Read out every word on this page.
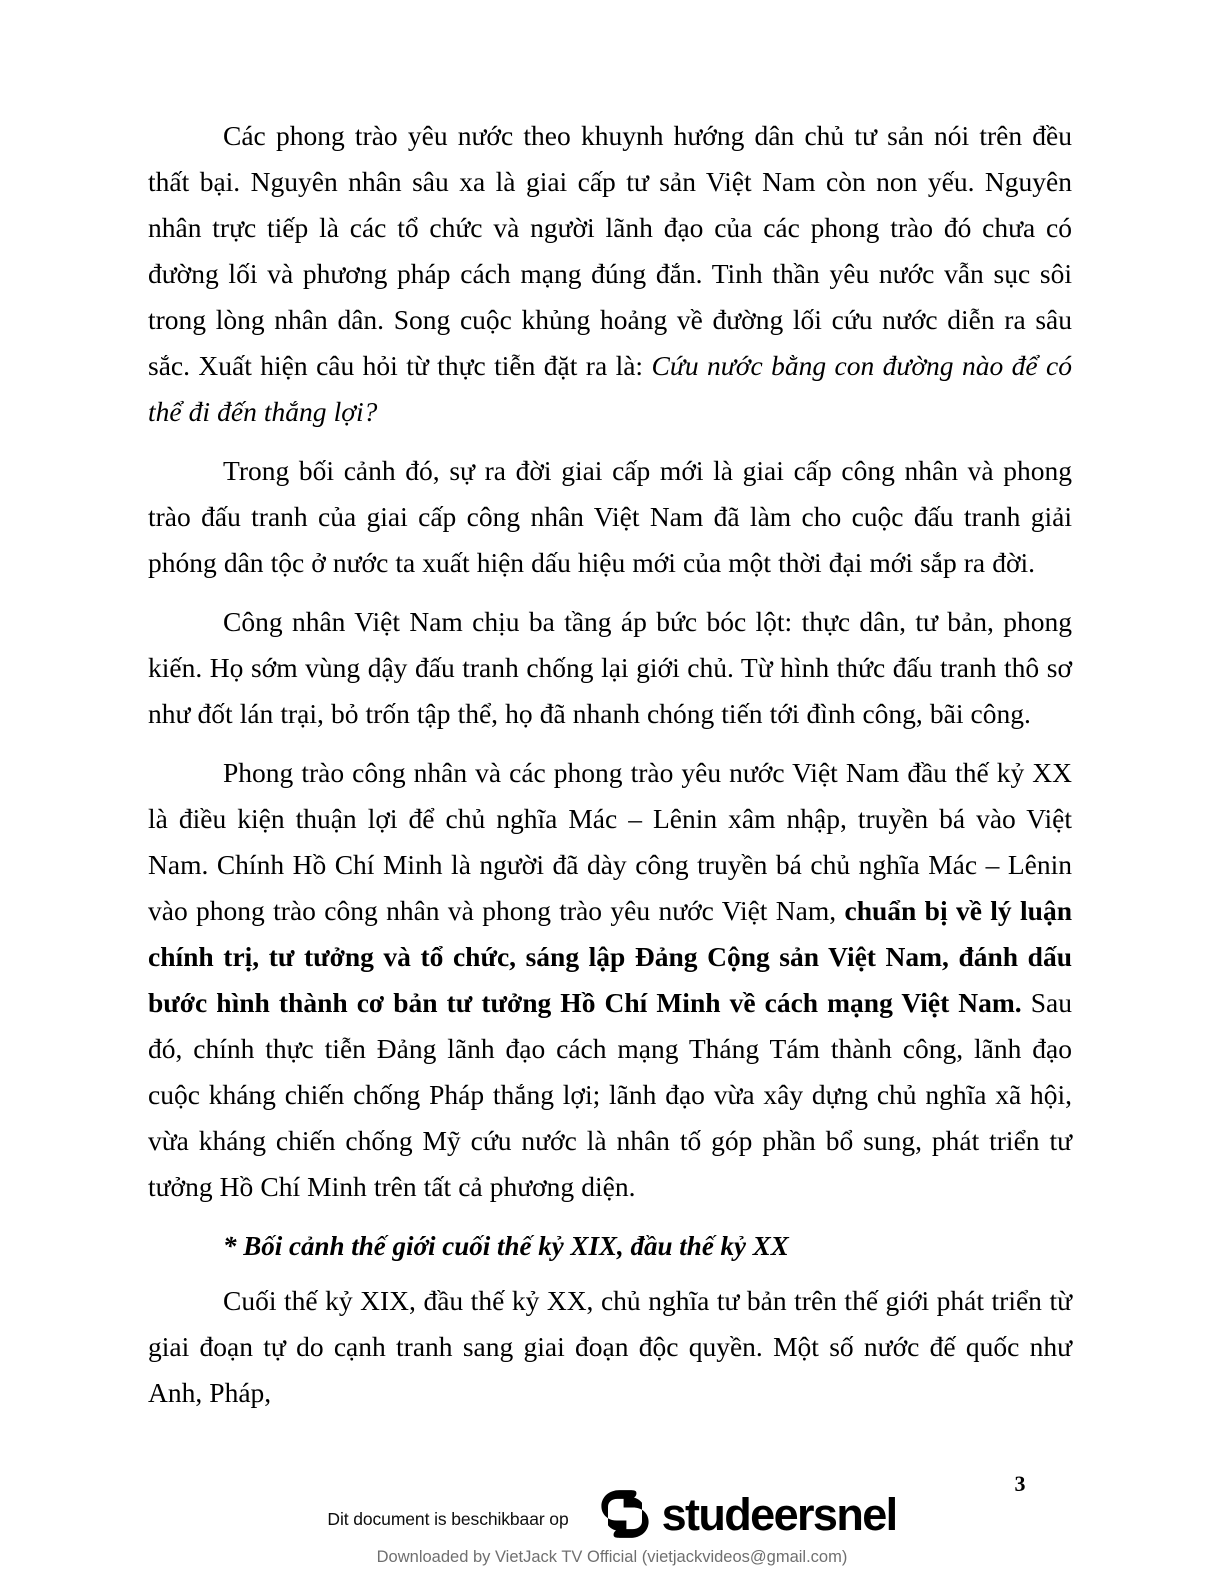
Các phong trào yêu nước theo khuynh hướng dân chủ tư sản nói trên đều thất bại. Nguyên nhân sâu xa là giai cấp tư sản Việt Nam còn non yếu. Nguyên nhân trực tiếp là các tổ chức và người lãnh đạo của các phong trào đó chưa có đường lối và phương pháp cách mạng đúng đắn. Tinh thần yêu nước vẫn sục sôi trong lòng nhân dân. Song cuộc khủng hoảng về đường lối cứu nước diễn ra sâu sắc. Xuất hiện câu hỏi từ thực tiễn đặt ra là: Cứu nước bằng con đường nào để có thể đi đến thắng lợi?

Trong bối cảnh đó, sự ra đời giai cấp mới là giai cấp công nhân và phong trào đấu tranh của giai cấp công nhân Việt Nam đã làm cho cuộc đấu tranh giải phóng dân tộc ở nước ta xuất hiện dấu hiệu mới của một thời đại mới sắp ra đời.

Công nhân Việt Nam chịu ba tầng áp bức bóc lột: thực dân, tư bản, phong kiến. Họ sớm vùng dậy đấu tranh chống lại giới chủ. Từ hình thức đấu tranh thô sơ như đốt lán trại, bỏ trốn tập thể, họ đã nhanh chóng tiến tới đình công, bãi công.

Phong trào công nhân và các phong trào yêu nước Việt Nam đầu thế kỷ XX là điều kiện thuận lợi để chủ nghĩa Mác – Lênin xâm nhập, truyền bá vào Việt Nam. Chính Hồ Chí Minh là người đã dày công truyền bá chủ nghĩa Mác – Lênin vào phong trào công nhân và phong trào yêu nước Việt Nam, chuẩn bị về lý luận chính trị, tư tưởng và tổ chức, sáng lập Đảng Cộng sản Việt Nam, đánh dấu bước hình thành cơ bản tư tưởng Hồ Chí Minh về cách mạng Việt Nam. Sau đó, chính thực tiễn Đảng lãnh đạo cách mạng Tháng Tám thành công, lãnh đạo cuộc kháng chiến chống Pháp thắng lợi; lãnh đạo vừa xây dựng chủ nghĩa xã hội, vừa kháng chiến chống Mỹ cứu nước là nhân tố góp phần bổ sung, phát triển tư tưởng Hồ Chí Minh trên tất cả phương diện.

* Bối cảnh thế giới cuối thế kỷ XIX, đầu thế kỷ XX

Cuối thế kỷ XIX, đầu thế kỷ XX, chủ nghĩa tư bản trên thế giới phát triển từ giai đoạn tự do cạnh tranh sang giai đoạn độc quyền. Một số nước đế quốc như Anh, Pháp,

3
Dit document is beschikbaar op studeersnel
Downloaded by VietJack TV Official (vietjackvideos@gmail.com)
